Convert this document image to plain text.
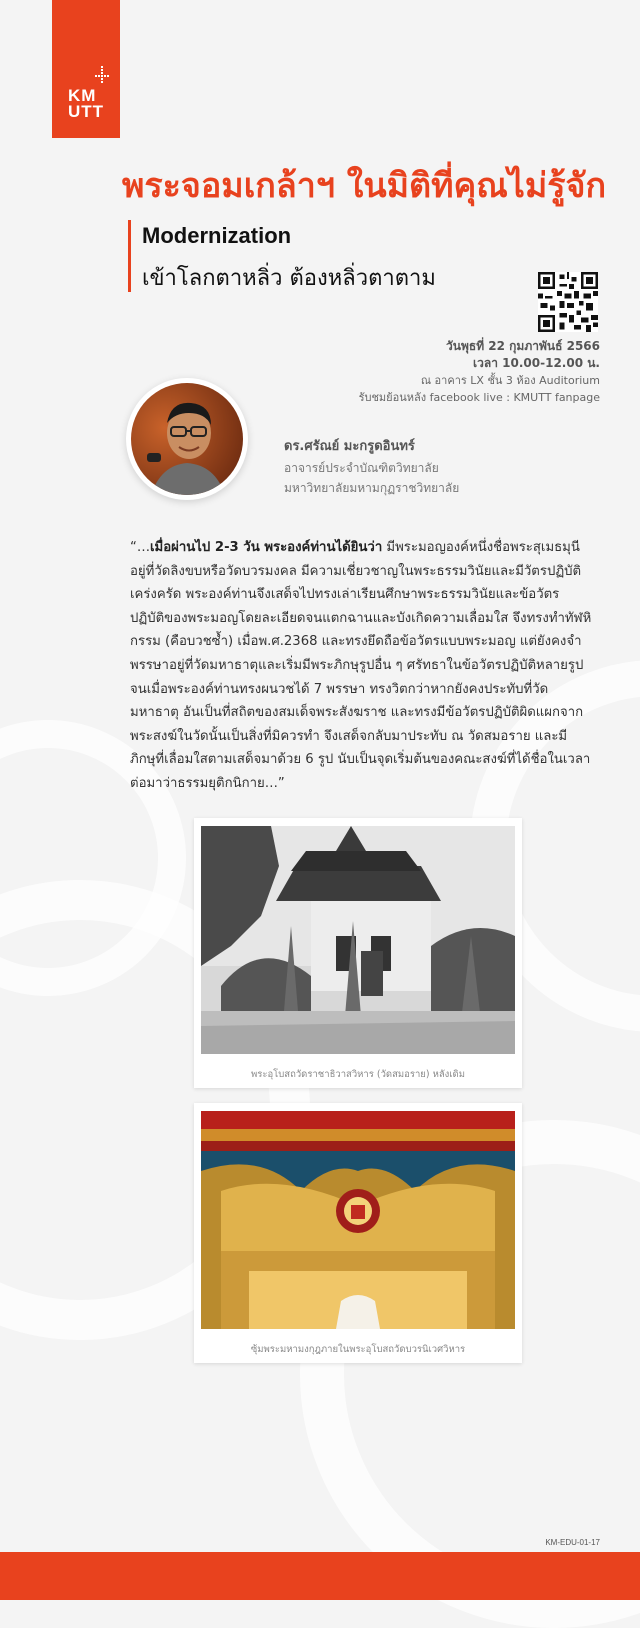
KM
UTT
พระจอมเกล้าฯ ในมิติที่คุณไม่รู้จัก
Modernization
เข้าโลกตาหลิ่ว ต้องหลิ่วตาตาม
วันพุธที่ 22 กุมภาพันธ์ 2566
เวลา 10.00-12.00 น.
ณ อาคาร LX ชั้น 3 ห้อง Auditorium
รับชมย้อนหลัง facebook live : KMUTT fanpage
ดร.ศรัณย์ มะกรูดอินทร์
อาจารย์ประจำบัณฑิตวิทยาลัย
มหาวิทยาลัยมหามกุฏราชวิทยาลัย
“…เมื่อผ่านไป 2-3 วัน พระองค์ท่านได้ยินว่า มีพระมอญองค์หนึ่งชื่อพระสุเมธมุนีอยู่ที่วัดลิงขบหรือวัดบวรมงคล มีความเชี่ยวชาญในพระธรรมวินัยและมีวัตรปฏิบัติเคร่งครัด พระองค์ท่านจึงเสด็จไปทรงเล่าเรียนศึกษาพระธรรมวินัยและข้อวัตรปฏิบัติของพระมอญโดยละเอียดจนแตกฉานและบังเกิดความเลื่อมใส จึงทรงทำทัฬหิกรรม (คือบวชซ้ำ) เมื่อพ.ศ.2368 และทรงยึดถือข้อวัตรแบบพระมอญ แต่ยังคงจำพรรษาอยู่ที่วัดมหาธาตุและเริ่มมีพระภิกษุรูปอื่น ๆ ศรัทธาในข้อวัตรปฏิบัติหลายรูป จนเมื่อพระองค์ท่านทรงผนวชได้ 7 พรรษา ทรงวิตกว่าหากยังคงประทับที่วัดมหาธาตุ อันเป็นที่สถิตของสมเด็จพระสังฆราช และทรงมีข้อวัตรปฏิบัติผิดแผกจากพระสงฆ์ในวัดนั้นเป็นสิ่งที่มิควรทำ จึงเสด็จกลับมาประทับ ณ วัดสมอราย และมีภิกษุที่เลื่อมใสตามเสด็จมาด้วย 6 รูป นับเป็นจุดเริ่มต้นของคณะสงฆ์ที่ได้ชื่อในเวลาต่อมาว่าธรรมยุติกนิกาย…”
พระอุโบสถวัดราชาธิวาสวิหาร (วัดสมอราย) หลังเดิม
ซุ้มพระมหามงกุฎภายในพระอุโบสถวัดบวรนิเวศวิหาร
KM-EDU-01-17
